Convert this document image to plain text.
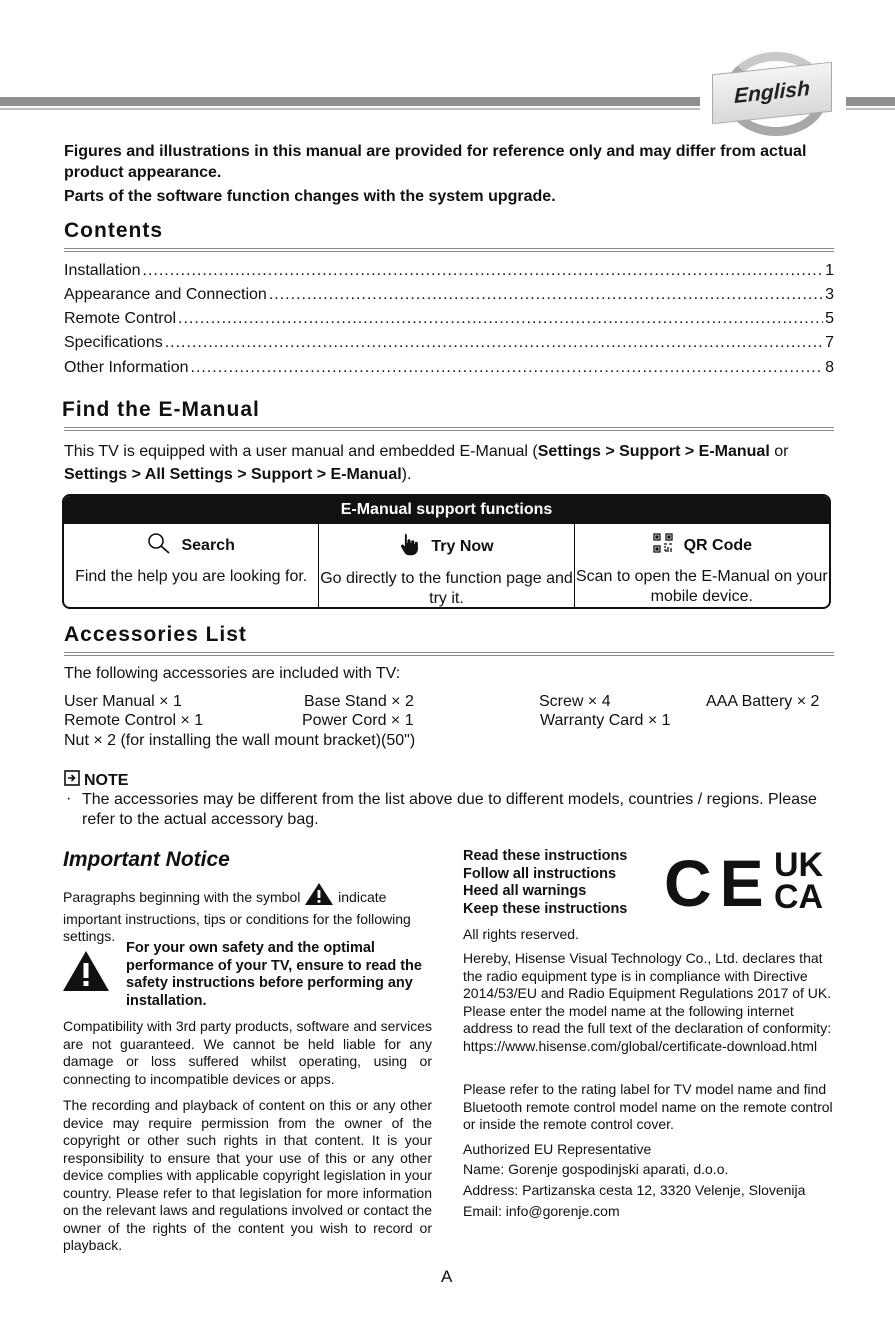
English
Figures and illustrations in this manual are provided for reference only and may differ from actual product appearance.
Parts of the software function changes with the system upgrade.
Contents
Installation .....	1
Appearance and Connection .....	3
Remote Control .....	5
Specifications .....	7
Other Information .....	8
Find the E-Manual
This TV is equipped with a user manual and embedded E-Manual (Settings > Support > E-Manual or Settings > All Settings > Support > E-Manual).
E-Manual support functions
Search
Find the help you are looking for.
Try Now
Go directly to the function page and try it.
QR Code
Scan to open the E-Manual on your mobile device.
Accessories List
The following accessories are included with TV:
User Manual × 1	Base Stand × 2	Screw × 4	AAA Battery × 2
Remote Control × 1	Power Cord × 1	Warranty Card × 1
Nut × 2 (for installing the wall mount bracket)(50")
NOTE
· The accessories may be different from the list above due to different models, countries / regions. Please refer to the actual accessory bag.
Important Notice
Paragraphs beginning with the symbol	indicate important instructions, tips or conditions for the following settings.
For your own safety and the optimal performance of your TV, ensure to read the safety instructions before performing any installation.
Compatibility with 3rd party products, software and services are not guaranteed. We cannot be held liable for any damage or loss suffered whilst operating, using or connecting to incompatible devices or apps.
The recording and playback of content on this or any other device may require permission from the owner of the copyright or other such rights in that content. It is your responsibility to ensure that your use of this or any other device complies with applicable copyright legislation in your country. Please refer to that legislation for more information on the relevant laws and regulations involved or contact the owner of the rights of the content you wish to record or playback.
Read these instructions
Follow all instructions
Heed all warnings
Keep these instructions CE UK
CA
All rights reserved.
Hereby, Hisense Visual Technology Co., Ltd. declares that the radio equipment type is in compliance with Directive 2014/53/EU and Radio Equipment Regulations 2017 of UK. Please enter the model name at the following internet address to read the full text of the declaration of conformity: https://www.hisense.com/global/certificate-download.html
Please refer to the rating label for TV model name and find Bluetooth remote control model name on the remote control or inside the remote control cover.
Authorized EU Representative
Name: Gorenje gospodinjski aparati, d.o.o.
Address: Partizanska cesta 12, 3320 Velenje, Slovenija
Email: info@gorenje.com
A
